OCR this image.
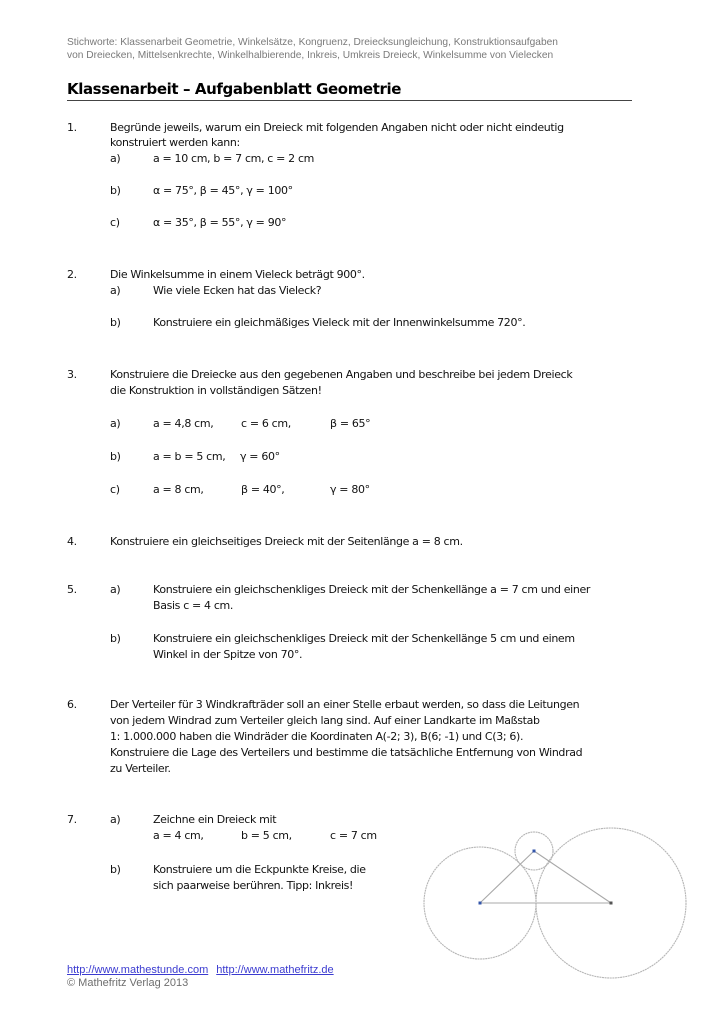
Stichworte: Klassenarbeit Geometrie, Winkelsätze, Kongruenz, Dreiecksungleichung, Konstruktionsaufgaben
von Dreiecken, Mittelsenkrechte, Winkelhalbierende, Inkreis, Umkreis Dreieck, Winkelsumme von Vielecken
Klassenarbeit – Aufgabenblatt Geometrie
1.	Begründe jeweils, warum ein Dreieck mit folgenden Angaben nicht oder nicht eindeutig
konstruiert werden kann:
a)	a = 10 cm, b = 7 cm, c = 2 cm
b)	α = 75°, β = 45°, γ = 100°
c)	α = 35°, β = 55°, γ = 90°
2.	Die Winkelsumme in einem Vieleck beträgt 900°.
a)	Wie viele Ecken hat das Vieleck?
b)	Konstruiere ein gleichmäßiges Vieleck mit der Innenwinkelsumme 720°.
3.	Konstruiere die Dreiecke aus den gegebenen Angaben und beschreibe bei jedem Dreieck
die Konstruktion in vollständigen Sätzen!
a)	a = 4,8 cm,	c = 6 cm,	β = 65°
b)	a = b = 5 cm, γ = 60°
c)	a = 8 cm,	β = 40°,	γ = 80°
4.	Konstruiere ein gleichseitiges Dreieck mit der Seitenlänge a = 8 cm.
5.	a)	Konstruiere ein gleichschenkliges Dreieck mit der Schenkellänge a = 7 cm und einer
Basis c = 4 cm.
b)	Konstruiere ein gleichschenkliges Dreieck mit der Schenkellänge 5 cm und einem
Winkel in der Spitze von 70°.
6.	Der Verteiler für 3 Windkrafträder soll an einer Stelle erbaut werden, so dass die Leitungen
von jedem Windrad zum Verteiler gleich lang sind. Auf einer Landkarte im Maßstab
1: 1.000.000 haben die Windräder die Koordinaten A(-2; 3), B(6; -1) und C(3; 6).
Konstruiere die Lage des Verteilers und bestimme die tatsächliche Entfernung von Windrad
zu Verteiler.
7.	a)	Zeichne ein Dreieck mit
a = 4 cm,	b = 5 cm,	c = 7 cm
b)	Konstruiere um die Eckpunkte Kreise, die
sich paarweise berühren. Tipp: Inkreis!
http://www.mathestunde.com http://www.mathefritz.de
© Mathefritz Verlag 2013
